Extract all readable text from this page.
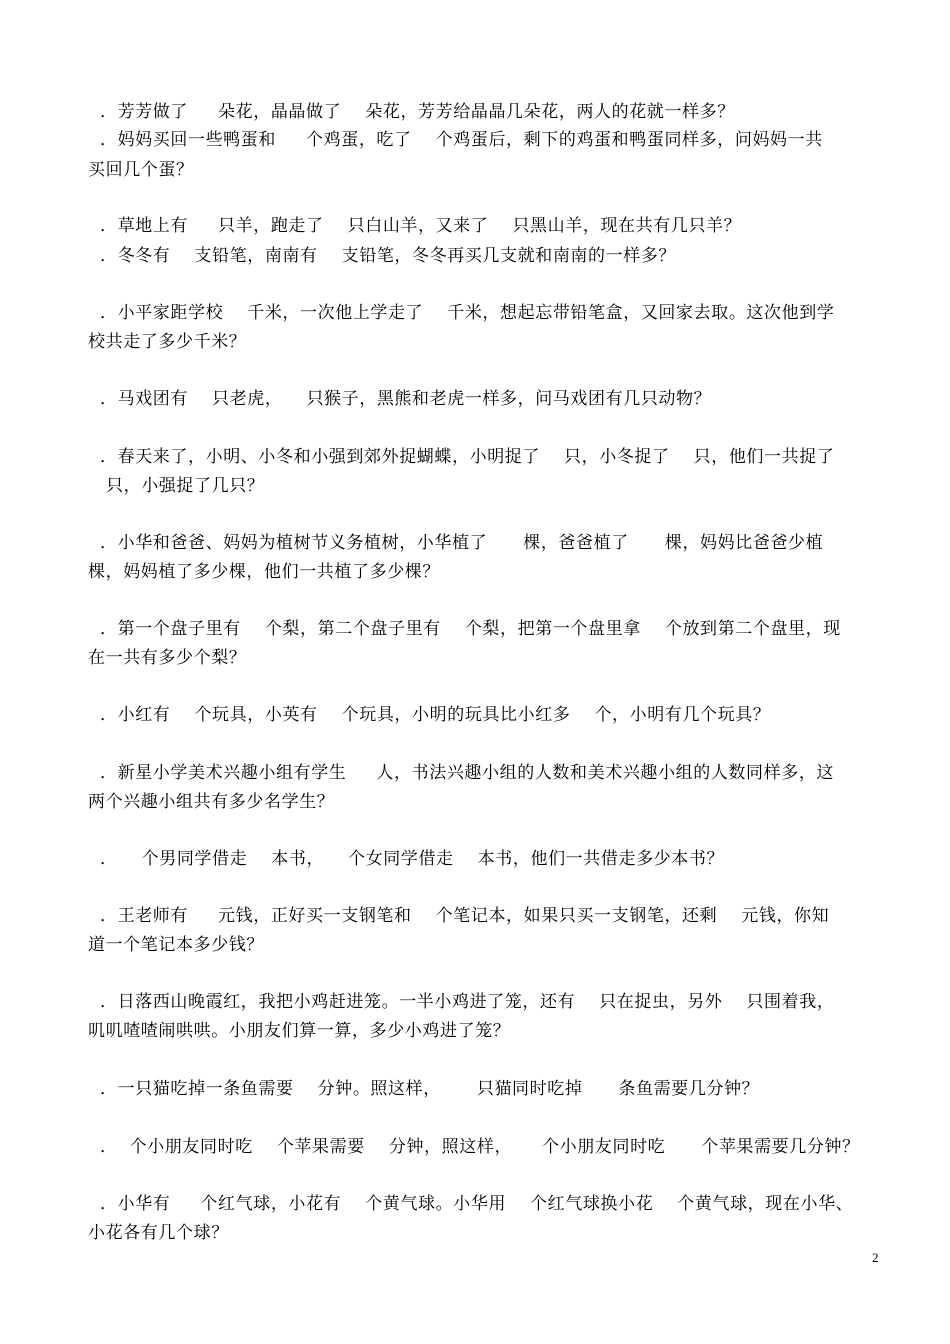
．芳芳做了     朵花，晶晶做了    朵花，芳芳给晶晶几朵花，两人的花就一样多？
．妈妈买回一些鸭蛋和     个鸡蛋，吃了    个鸡蛋后，剩下的鸡蛋和鸭蛋同样多，问妈妈一共
买回几个蛋？
．草地上有     只羊，跑走了    只白山羊，又来了    只黑山羊，现在共有几只羊？
．冬冬有    支铅笔，南南有    支铅笔，冬冬再买几支就和南南的一样多？
．小平家距学校    千米，一次他上学走了    千米，想起忘带铅笔盒，又回家去取。这次他到学
校共走了多少千米？
．马戏团有    只老虎，    只猴子，黑熊和老虎一样多，问马戏团有几只动物？
．春天来了，小明、小冬和小强到郊外捉蝴蝶，小明捉了    只，小冬捉了    只，他们一共捉了
只，小强捉了几只？
．小华和爸爸、妈妈为植树节义务植树，小华植了      棵，爸爸植了      棵，妈妈比爸爸少植
棵，妈妈植了多少棵，他们一共植了多少棵？
．第一个盘子里有    个梨，第二个盘子里有    个梨，把第一个盘里拿    个放到第二个盘里，现
在一共有多少个梨？
．小红有    个玩具，小英有    个玩具，小明的玩具比小红多    个，小明有几个玩具？
．新星小学美术兴趣小组有学生     人，书法兴趣小组的人数和美术兴趣小组的人数同样多，这
两个兴趣小组共有多少名学生？
．    个男同学借走    本书，    个女同学借走    本书，他们一共借走多少本书？
．王老师有     元钱，正好买一支钢笔和    个笔记本，如果只买一支钢笔，还剩    元钱，你知
道一个笔记本多少钱？
．日落西山晚霞红，我把小鸡赶进笼。一半小鸡进了笼，还有    只在捉虫，另外    只围着我，
叽叽喳喳闹哄哄。小朋友们算一算，多少小鸡进了笼？
．一只猫吃掉一条鱼需要    分钟。照这样，      只猫同时吃掉      条鱼需要几分钟？
．  个小朋友同时吃    个苹果需要    分钟，照这样，     个小朋友同时吃      个苹果需要几分钟？
．小华有     个红气球，小花有    个黄气球。小华用    个红气球换小花    个黄气球，现在小华、
小花各有几个球？
2
